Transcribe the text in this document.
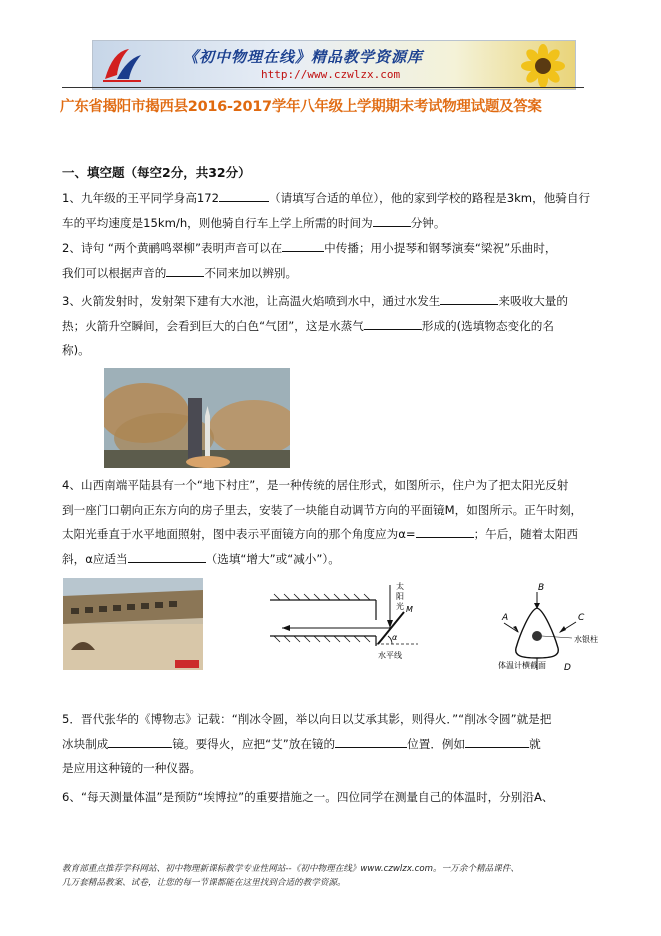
《初中物理在线》精品教学资源库
http://www.czwlzx.com
广东省揭阳市揭西县2016-2017学年八年级上学期期末考试物理试题及答案
一、填空题（每空2分，共32分）
1、九年级的王平同学身高172	（请填写合适的单位），他的家到学校的路程是3km，他骑自行
车的平均速度是15km/h，则他骑自行车上学上所需的时间为	分钟。
2、诗句 “两个黄鹂鸣翠柳”表明声音可以在	中传播；用小提琴和钢琴演奏“梁祝”乐曲时，
我们可以根据声音的	不同来加以辨别。
3、火箭发射时，发射架下建有大水池，让高温火焰喷到水中，通过水发生	来吸收大量的
热；火箭升空瞬间，会看到巨大的白色“气团”，这是水蒸气	形成的(选填物态变化的名
称)。
4、山西南端平陆县有一个“地下村庄”，是一种传统的居住形式，如图所示，住户为了把太阳光反射
到一座门口朝向正东方向的房子里去，安装了一块能自动调节方向的平面镜M，如图所示。正午时刻，
太阳光垂直于水平地面照射，图中表示平面镜方向的那个角度应为α=	；午后，随着太阳西
斜，α应适当	（选填“增大”或“减小”）。
太
阳
光 M
α
水平线
B
A	C
水银柱
体温计横截面 D
5．晋代张华的《博物志》记载：“削冰令圆，举以向日以艾承其影，则得火．”“削冰令圆”就是把
冰块制成	镜。要得火，应把“艾”放在镜的	位置．例如	就
是应用这种镜的一种仪器。
6、“每天测量体温”是预防“埃博拉”的重要措施之一。四位同学在测量自己的体温时，分别沿A、
教育部重点推荐学科网站、初中物理新课标教学专业性网站--《初中物理在线》www.czwlzx.com。一万余个精品课件、
几万套精品教案、试卷，让您的每一节课都能在这里找到合适的教学资源。
